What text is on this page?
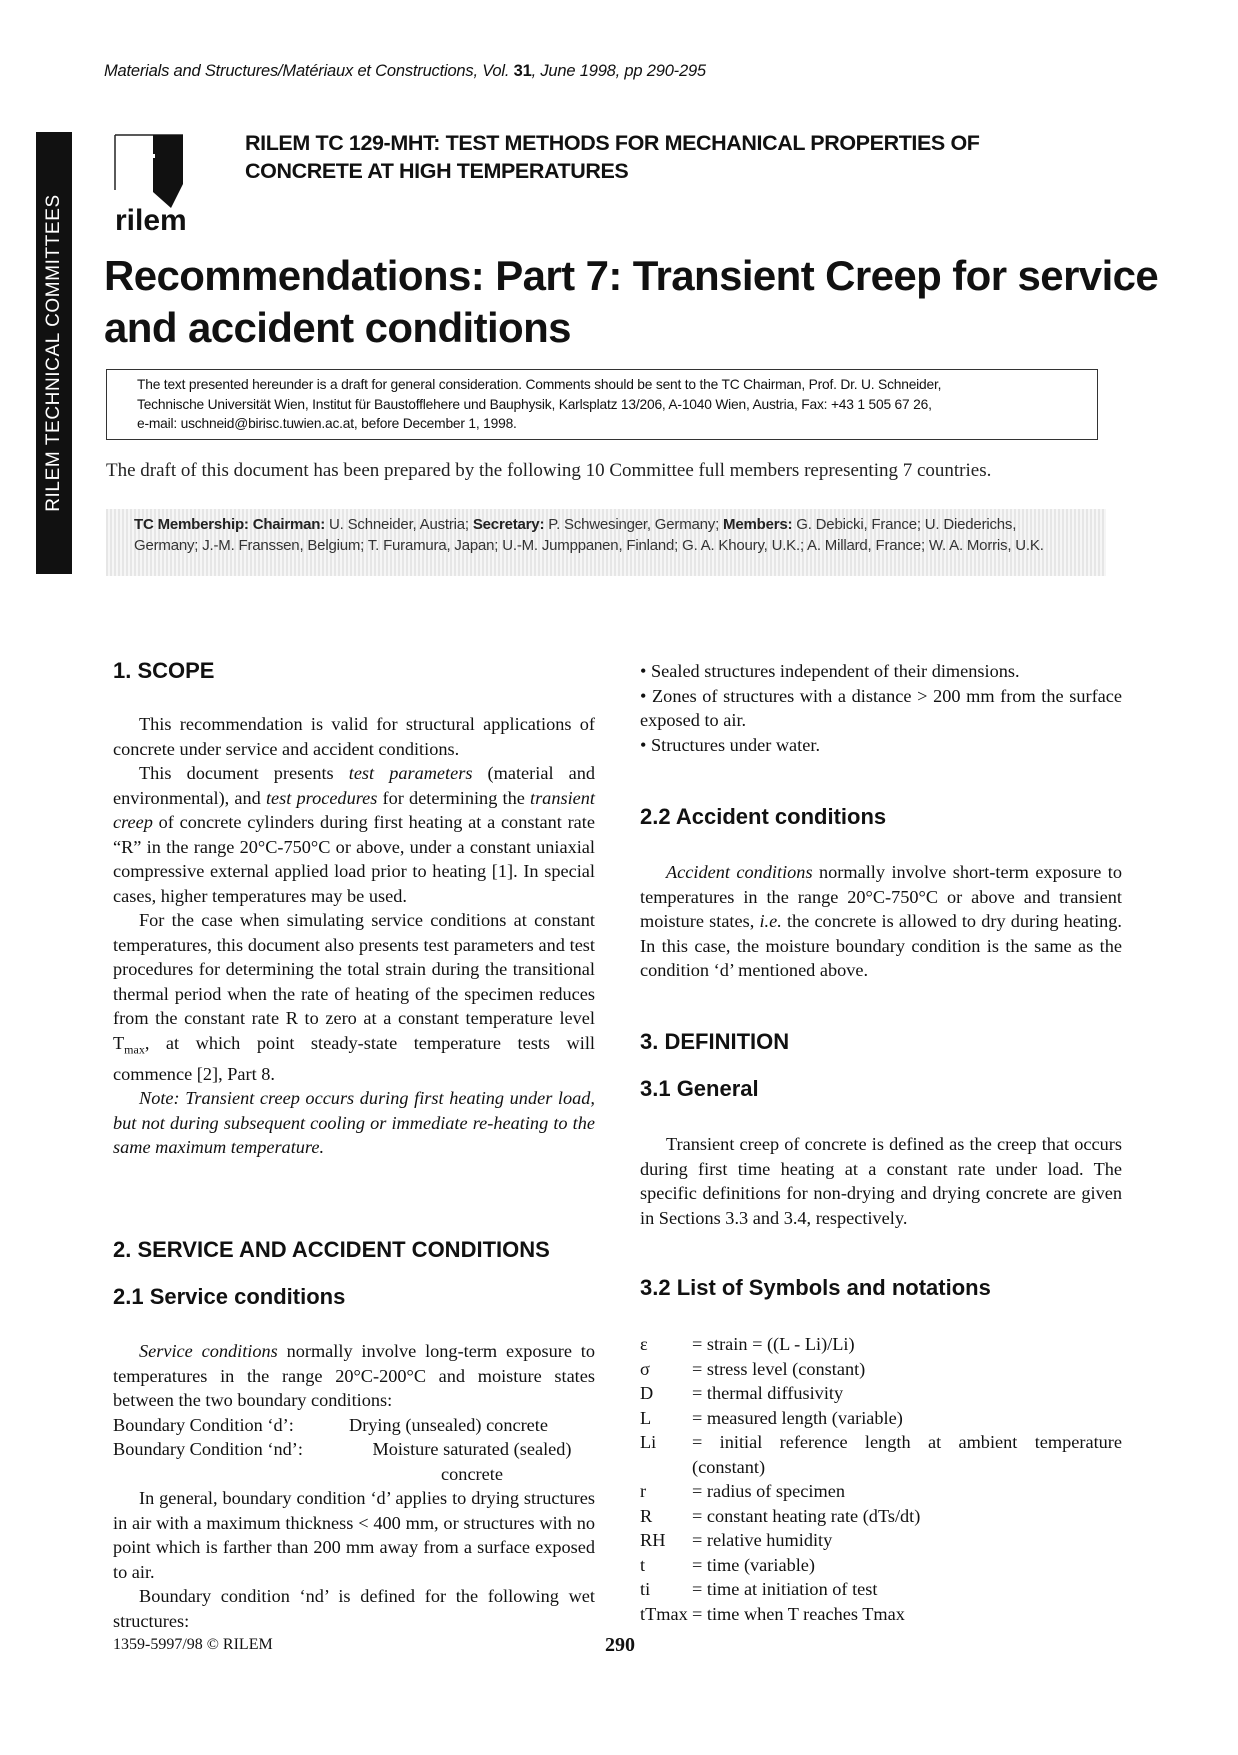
Materials and Structures/Matériaux et Constructions, Vol. 31, June 1998, pp 290-295
RILEM TECHNICAL COMMITTEES rilem
RILEM TC 129-MHT: TEST METHODS FOR MECHANICAL PROPERTIES OF CONCRETE AT HIGH TEMPERATURES
Recommendations: Part 7: Transient Creep for service and accident conditions
The text presented hereunder is a draft for general consideration. Comments should be sent to the TC Chairman, Prof. Dr. U. Schneider,
Technische Universität Wien, Institut für Baustofflehere und Bauphysik, Karlsplatz 13/206, A-1040 Wien, Austria, Fax: +43 1 505 67 26,
e-mail: uschneid@birisc.tuwien.ac.at, before December 1, 1998.
The draft of this document has been prepared by the following 10 Committee full members representing 7 countries.
TC Membership: Chairman: U. Schneider, Austria; Secretary: P. Schwesinger, Germany; Members: G. Debicki, France; U. Diederichs,
Germany; J.-M. Franssen, Belgium; T. Furamura, Japan; U.-M. Jumppanen, Finland; G. A. Khoury, U.K.; A. Millard, France; W. A. Morris, U.K.
1. SCOPE

This recommendation is valid for structural applications of concrete under service and accident conditions.

This document presents test parameters (material and environmental), and test procedures for determining the transient creep of concrete cylinders during first heating at a constant rate “R” in the range 20°C-750°C or above, under a constant uniaxial compressive external applied load prior to heating [1]. In special cases, higher temperatures may be used.

For the case when simulating service conditions at constant temperatures, this document also presents test parameters and test procedures for determining the total strain during the transitional thermal period when the rate of heating of the specimen reduces from the constant rate R to zero at a constant temperature level $T_{max}$, at which point steady-state temperature tests will commence [2], Part 8.

Note: Transient creep occurs during first heating under load, but not during subsequent cooling or immediate re-heating to the same maximum temperature.

2. SERVICE AND ACCIDENT CONDITIONS
2.1 Service conditions

Service conditions normally involve long-term exposure to temperatures in the range 20°C-200°C and moisture states between the two boundary conditions:

Boundary Condition ‘d’:	Drying (unsealed) concrete
Boundary Condition ‘nd’:	Moisture saturated (sealed) concrete

In general, boundary condition ‘d’ applies to drying structures in air with a maximum thickness < 400 mm, or structures with no point which is farther than 200 mm away from a surface exposed to air.

Boundary condition ‘nd’ is defined for the following wet structures:

• Sealed structures independent of their dimensions.
• Zones of structures with a distance > 200 mm from the surface exposed to air.
• Structures under water.
2.2 Accident conditions

Accident conditions normally involve short-term exposure to temperatures in the range 20°C-750°C or above and transient moisture states, i.e. the concrete is allowed to dry during heating. In this case, the moisture boundary condition is the same as the condition ‘d’ mentioned above.

3. DEFINITION
3.1 General

Transient creep of concrete is defined as the creep that occurs during first time heating at a constant rate under load. The specific definitions for non-drying and drying concrete are given in Sections 3.3 and 3.4, respectively.

3.2 List of Symbols and notations
ε = strain = ((L - Li)/Li)
σ = stress level (constant)
D = thermal diffusivity
L = measured length (variable)
Li = initial reference length at ambient temperature (constant)
r	= radius of specimen
R = constant heating rate (dTs/dt)
RH = relative humidity
t	= time (variable)
ti = time at initiation of test
tTmax = time when T reaches Tmax
1359-5997/98 © RILEM	290
